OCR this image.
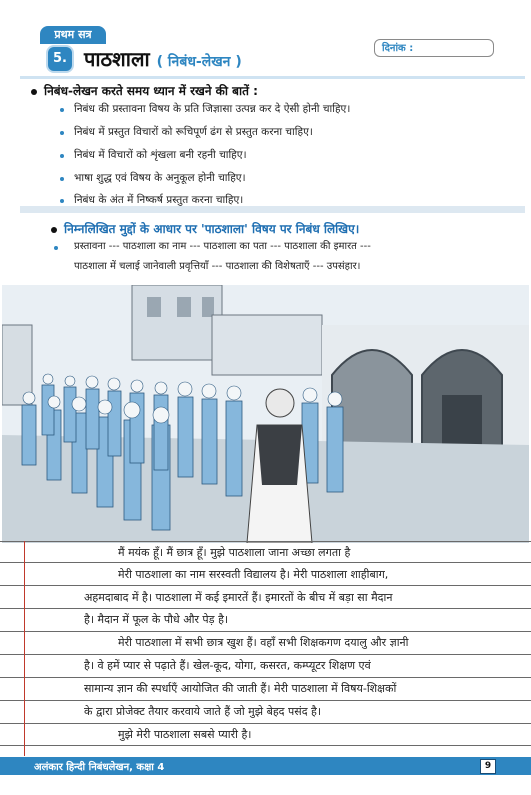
प्रथम सत्र
5. पाठशाला ( निबंध-लेखन )
दिनांक :
निबंध-लेखन करते समय ध्यान में रखने की बातें :
निबंध की प्रस्तावना विषय के प्रति जिज्ञासा उत्पन्न कर दे ऐसी होनी चाहिए।
निबंध में प्रस्तुत विचारों को रूचिपूर्ण ढंग से प्रस्तुत करना चाहिए।
निबंध में विचारों को शृंखला बनी रहनी चाहिए।
भाषा शुद्ध एवं विषय के अनुकूल होनी चाहिए।
निबंध के अंत में निष्कर्ष प्रस्तुत करना चाहिए।
निम्नलिखित मुद्दों के आधार पर 'पाठशाला' विषय पर निबंध लिखिए।
प्रस्तावना --- पाठशाला का नाम --- पाठशाला का पता --- पाठशाला की इमारत ---
पाठशाला में चलाई जानेवाली प्रवृत्तियाँ --- पाठशाला की विशेषताएँ --- उपसंहार।
मैं मयंक हूँ। मैं छात्र हूँ। मुझे पाठशाला जाना अच्छा लगता है
मेरी पाठशाला का नाम सरस्वती विद्यालय है। मेरी पाठशाला शाहीबाग,
अहमदाबाद में है। पाठशाला में कई इमारतें हैं। इमारतों के बीच में बड़ा सा मैदान
है। मैदान में फूल के पौधे और पेड़ है।
मेरी पाठशाला में सभी छात्र खुश हैं। वहाँ सभी शिक्षकगण दयालु और ज्ञानी
है। वे हमें प्यार से पढ़ाते हैं। खेल-कूद, योगा, कसरत, कम्प्यूटर शिक्षण एवं
सामान्य ज्ञान की स्पर्धाएँ आयोजित की जाती हैं। मेरी पाठशाला में विषय-शिक्षकों
के द्वारा प्रोजेक्ट तैयार करवाये जाते हैं जो मुझे बेहद पसंद है।
मुझे मेरी पाठशाला सबसे प्यारी है।
अलंकार हिन्दी निबंधलेखन, कक्षा 4	9
